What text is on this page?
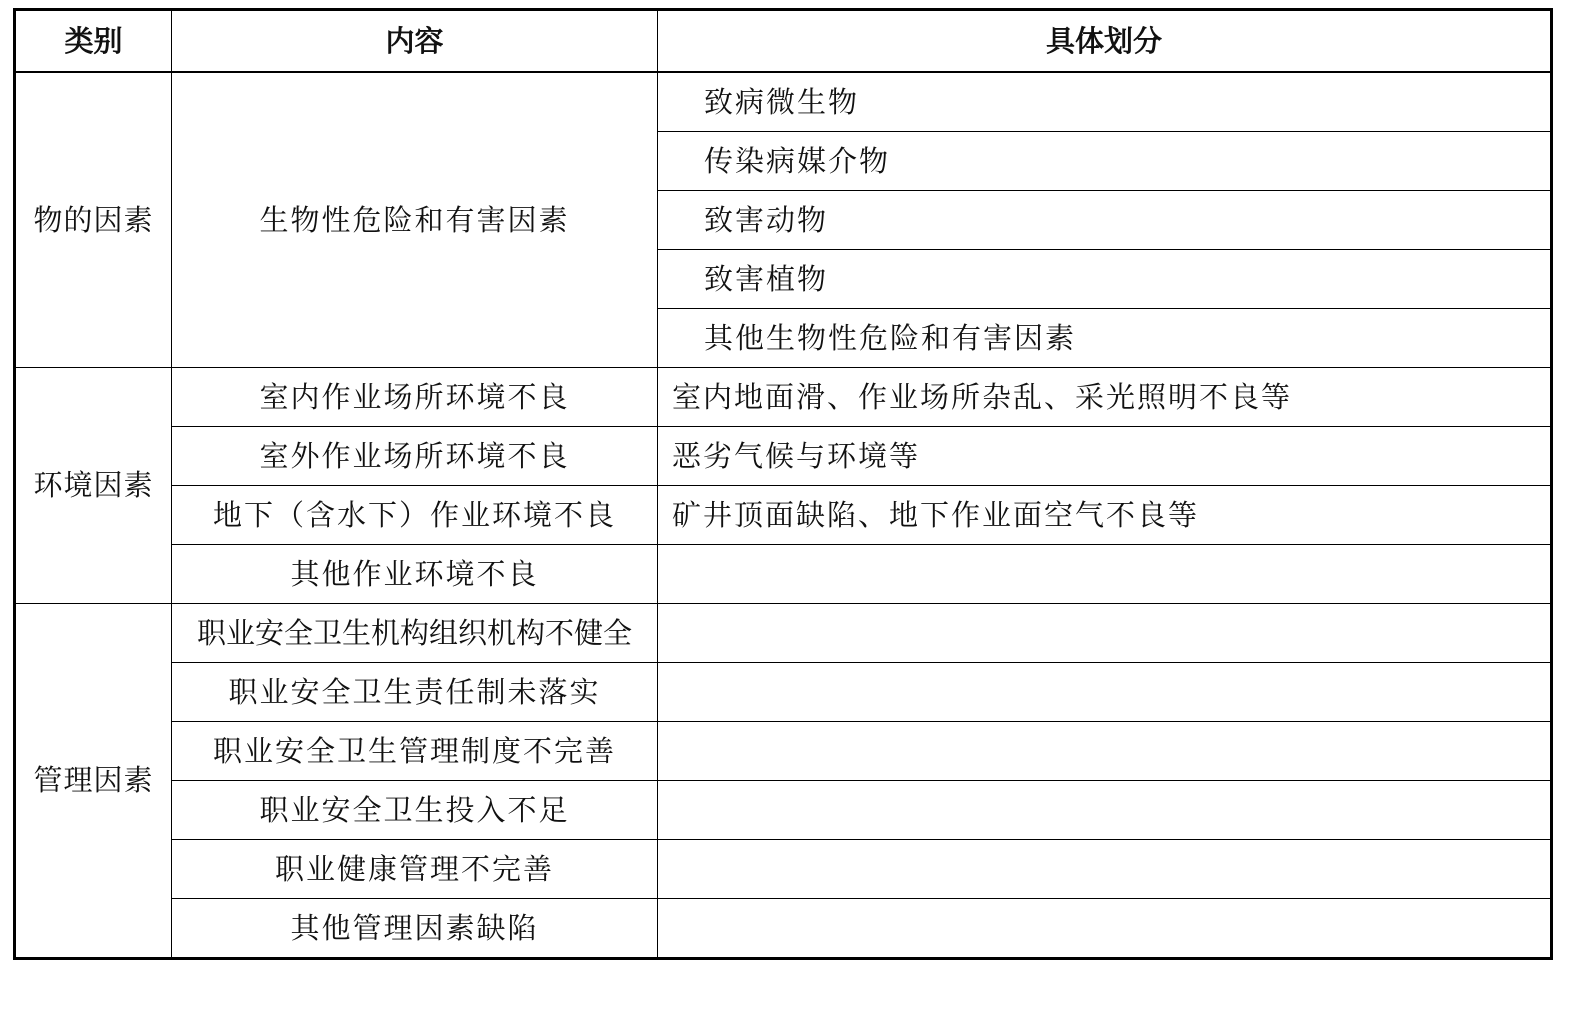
类别	内容	具体划分
物的因素	生物性危险和有害因素	致病微生物
		传染病媒介物
		致害动物
		致害植物
		其他生物性危险和有害因素
环境因素	室内作业场所环境不良	室内地面滑、作业场所杂乱、采光照明不良等
	室外作业场所环境不良	恶劣气候与环境等
	地下（含水下）作业环境不良	矿井顶面缺陷、地下作业面空气不良等
	其他作业环境不良	
管理因素	职业安全卫生机构组织机构不健全	
	职业安全卫生责任制未落实	
	职业安全卫生管理制度不完善	
	职业安全卫生投入不足	
	职业健康管理不完善	
	其他管理因素缺陷	
